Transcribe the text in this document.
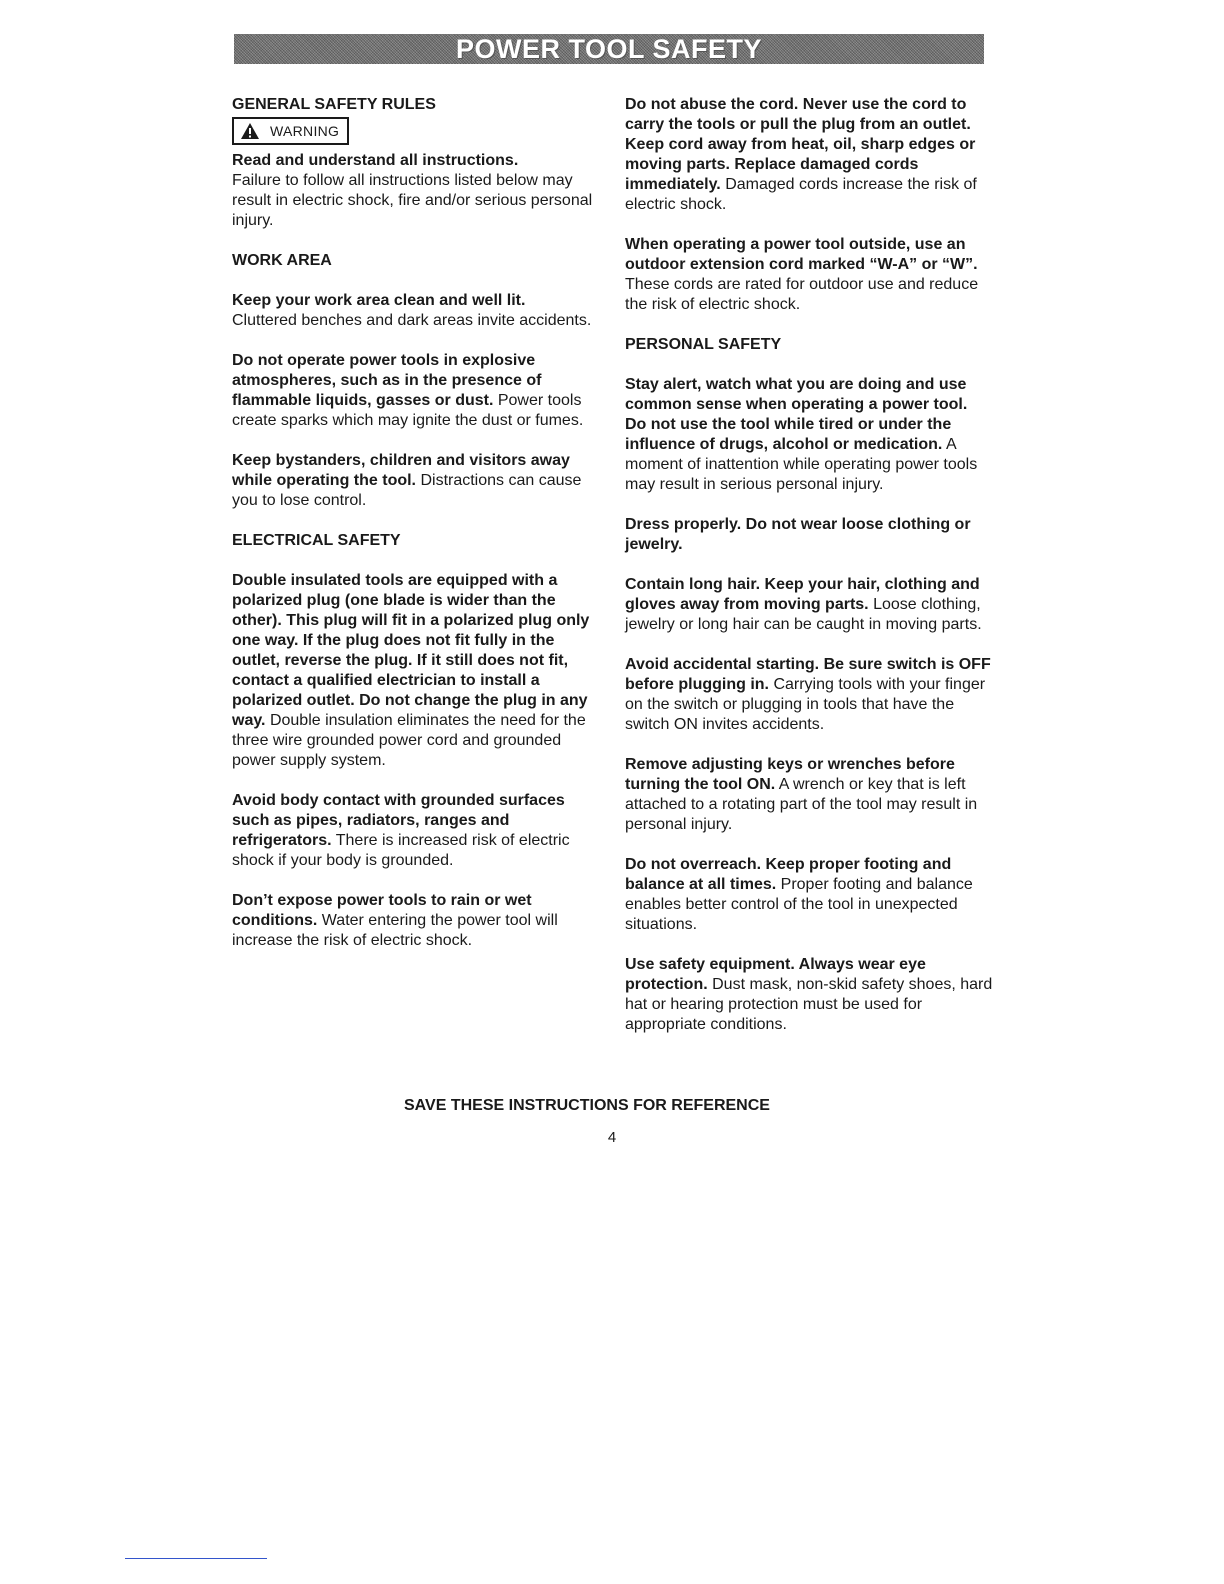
POWER TOOL SAFETY

GENERAL SAFETY RULES

WARNING

Read and understand all instructions.
Failure to follow all instructions listed below may result in electric shock, fire and/or serious personal injury.

WORK AREA

Keep your work area clean and well lit.
Cluttered benches and dark areas invite accidents.

Do not operate power tools in explosive atmospheres, such as in the presence of flammable liquids, gasses or dust. Power tools create sparks which may ignite the dust or fumes.

Keep bystanders, children and visitors away while operating the tool. Distractions can cause you to lose control.

ELECTRICAL SAFETY

Double insulated tools are equipped with a polarized plug (one blade is wider than the other). This plug will fit in a polarized plug only one way. If the plug does not fit fully in the outlet, reverse the plug. If it still does not fit, contact a qualified electrician to install a polarized outlet. Do not change the plug in any way. Double insulation eliminates the need for the three wire grounded power cord and grounded power supply system.

Avoid body contact with grounded surfaces such as pipes, radiators, ranges and refrigerators. There is increased risk of electric shock if your body is grounded.

Don’t expose power tools to rain or wet conditions. Water entering the power tool will increase the risk of electric shock.

Do not abuse the cord. Never use the cord to carry the tools or pull the plug from an outlet. Keep cord away from heat, oil, sharp edges or moving parts. Replace damaged cords immediately. Damaged cords increase the risk of electric shock.

When operating a power tool outside, use an outdoor extension cord marked “W-A” or “W”. These cords are rated for outdoor use and reduce the risk of electric shock.

PERSONAL SAFETY

Stay alert, watch what you are doing and use common sense when operating a power tool. Do not use the tool while tired or under the influence of drugs, alcohol or medication. A moment of inattention while operating power tools may result in serious personal injury.

Dress properly. Do not wear loose clothing or jewelry.

Contain long hair. Keep your hair, clothing and gloves away from moving parts. Loose clothing, jewelry or long hair can be caught in moving parts.

Avoid accidental starting. Be sure switch is OFF before plugging in. Carrying tools with your finger on the switch or plugging in tools that have the switch ON invites accidents.

Remove adjusting keys or wrenches before turning the tool ON. A wrench or key that is left attached to a rotating part of the tool may result in personal injury.

Do not overreach. Keep proper footing and balance at all times. Proper footing and balance enables better control of the tool in unexpected situations.

Use safety equipment. Always wear eye protection. Dust mask, non-skid safety shoes, hard hat or hearing protection must be used for appropriate conditions.

SAVE THESE INSTRUCTIONS FOR REFERENCE
4
